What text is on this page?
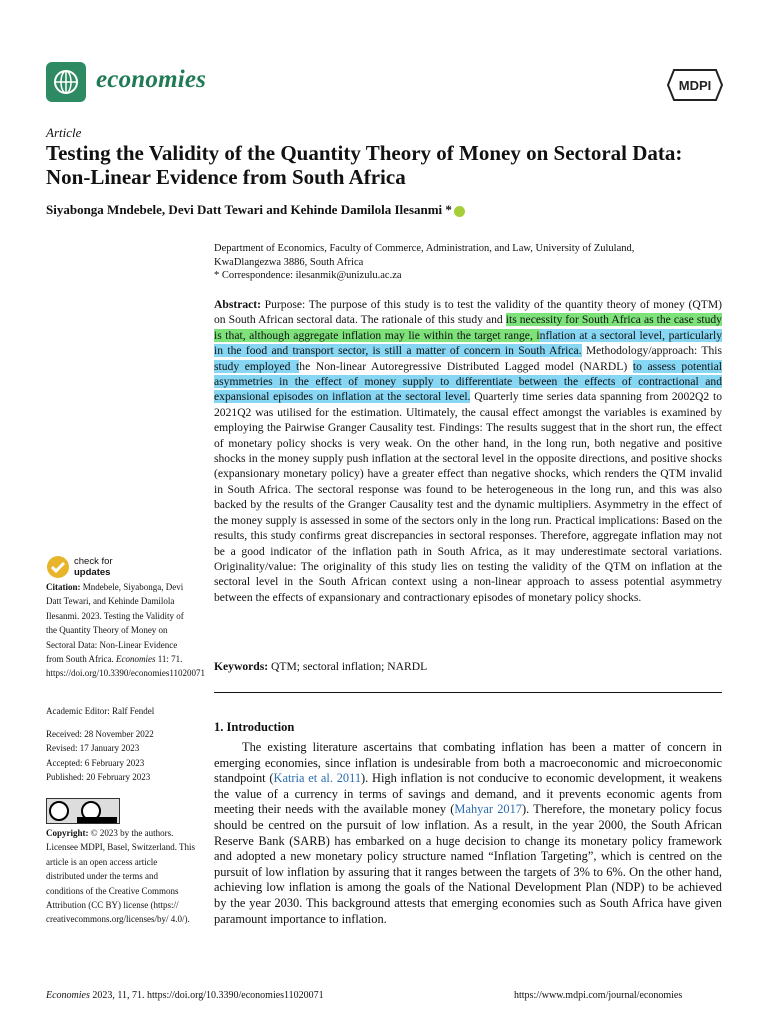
economies	MDPI
Article
Testing the Validity of the Quantity Theory of Money on Sectoral Data: Non-Linear Evidence from South Africa
Siyabonga Mndebele, Devi Datt Tewari and Kehinde Damilola Ilesanmi *
Department of Economics, Faculty of Commerce, Administration, and Law, University of Zululand,
KwaDlangezwa 3886, South Africa
* Correspondence: ilesanmik@unizulu.ac.za
Abstract: Purpose: The purpose of this study is to test the validity of the quantity theory of money (QTM) on South African sectoral data. The rationale of this study and its necessity for South Africa as the case study is that, although aggregate inflation may lie within the target range, inflation at a sectoral level, particularly in the food and transport sector, is still a matter of concern in South Africa. Methodology/approach: This study employed the Non-linear Autoregressive Distributed Lagged model (NARDL) to assess potential asymmetries in the effect of money supply to differentiate between the effects of contractional and expansional episodes on inflation at the sectoral level. Quarterly time series data spanning from 2002Q2 to 2021Q2 was utilised for the estimation. Ultimately, the causal effect amongst the variables is examined by employing the Pairwise Granger Causality test. Findings: The results suggest that in the short run, the effect of monetary policy shocks is very weak. On the other hand, in the long run, both negative and positive shocks in the money supply push inflation at the sectoral level in the opposite directions, and positive shocks (expansionary monetary policy) have a greater effect than negative shocks, which renders the QTM invalid in South Africa. The sectoral response was found to be heterogeneous in the long run, and this was also backed by the results of the Granger Causality test and the dynamic multipliers. Asymmetry in the effect of the money supply is assessed in some of the sectors only in the long run. Practical implications: Based on the results, this study confirms great discrepancies in sectoral responses. Therefore, aggregate inflation may not be a good indicator of the inflation path in South Africa, as it may underestimate sectoral variations. Originality/value: The originality of this study lies on testing the validity of the QTM on inflation at the sectoral level in the South African context using a non-linear approach to assess potential asymmetry between the effects of expansionary and contractionary episodes of monetary policy shocks.
Keywords: QTM; sectoral inflation; NARDL
1. Introduction
The existing literature ascertains that combating inflation has been a matter of concern in emerging economies, since inflation is undesirable from both a macroeconomic and microeconomic standpoint (Katria et al. 2011). High inflation is not conducive to economic development, it weakens the value of a currency in terms of savings and demand, and it prevents economic agents from meeting their needs with the available money (Mahyar 2017). Therefore, the monetary policy focus should be centred on the pursuit of low inflation. As a result, in the year 2000, the South African Reserve Bank (SARB) has embarked on a huge decision to change its monetary policy framework and adopted a new monetary policy structure named “Inflation Targeting”, which is centred on the pursuit of low inflation by assuring that it ranges between the targets of 3% to 6%. On the other hand, achieving low inflation is among the goals of the National Development Plan (NDP) to be achieved by the year 2030. This background attests that emerging economies such as South Africa have given paramount importance to inflation.
check for
updates
Citation: Mndebele, Siyabonga, Devi Datt Tewari, and Kehinde Damilola Ilesanmi. 2023. Testing the Validity of the Quantity Theory of Money on Sectoral Data: Non-Linear Evidence from South Africa. Economies 11: 71. https://doi.org/10.3390/economies11020071
Academic Editor: Ralf Fendel
Received: 28 November 2022
Revised: 17 January 2023
Accepted: 6 February 2023
Published: 20 February 2023
Copyright: © 2023 by the authors. Licensee MDPI, Basel, Switzerland. This article is an open access article distributed under the terms and conditions of the Creative Commons Attribution (CC BY) license (https:// creativecommons.org/licenses/by/ 4.0/).
Economies 2023, 11, 71. https://doi.org/10.3390/economies11020071	https://www.mdpi.com/journal/economies
